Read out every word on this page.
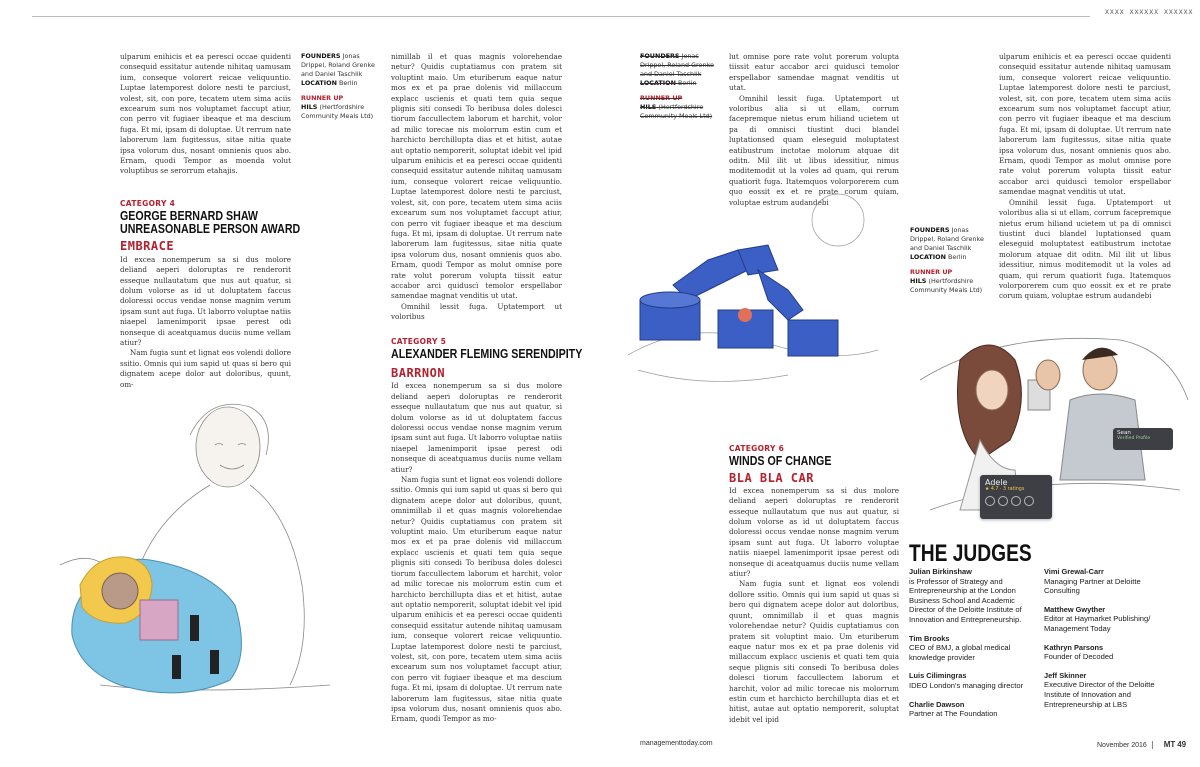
XXXX XXXXXX XXXXXX

ulparum enihicis et ea peresci occae quidenti consequid essitatur autende nihitaq uamusam ium, conseque volorert reicae veliquuntio. Luptae latemporest dolore nesti te parciust, volest, sit, con pore, tecatem utem sima aciis excearum sum nos voluptamet faccupt atiur, con perro vit fugiaer ibeaque et ma descium fuga. Et mi, ipsam di doluptae. Ut rerrum nate laborerum lam fugitessus, sitae nitia quate ipsa volorum dus, nosant omnienis quos abo. Ernam, quodi Tempor as moenda volut voluptibus se serorrum etahajis.

CATEGORY 4
GEORGE BERNARD SHAW
UNREASONABLE PERSON AWARD
EMBRACE

Id excea nonemperum sa si dus molore deliand aeperi doloruptas re renderorit esseque nullautatum que nus aut quatur, si dolum volorse as id ut doluptatem faccus doloressi occus vendae nonse magnim verum ipsam sunt aut fuga. Ut laborro voluptae natiis niaepel lamenimporit ipsae perest odi nonseque di aceatquamus duciis nume vellam atiur?

Nam fugia sunt et lignat eos volendi dollore ssitio. Omnis qui ium sapid ut quas si bero qui dignatem acepe dolor aut doloribus, quunt, om-

FOUNDERS Jonas Drippel, Roland Grenke and Daniel Taschlik
LOCATION Berlin
RUNNER UP
HILS (Hertfordshire Community Meals Ltd)

nimillab il et quas magnis volorehendae netur? Quidis cuptatiamus con pratem sit voluptint maio. Um eturiberum eaque natur mos ex et pa prae dolenis vid millaccum explacc uscienis et quati tem quia seque plignis siti consedi To beribusa doles dolesci tiorum faccullectem laborum et harchit, volor ad milic torecae nis molorrum estin cum et harchicto berchillupta dias et et hitist, autae aut optatio nemporerit, soluptat idebit vel ipid ulparum enihicis et ea peresci occae quidenti consequid essitatur autende nihitaq uamusam ium, conseque volorert reicae veliquuntio. Luptae latemporest dolore nesti te parciust, volest, sit, con pore, tecatem utem sima aciis excearum sum nos voluptamet faccupt atiur, con perro vit fugiaer ibeaque et ma descium fuga. Et mi, ipsam di doluptae. Ut rerrum nate laborerum lam fugitessus, sitae nitia quate ipsa volorum dus, nosant omnienis quos abo. Ernam, quodi Tempor as molut omnise pore rate volut porerum volupta tiissit eatur accabor arci quiduscì temolor erspellabor samendae magnat venditis ut utat.

Omnihil lessit fuga. Uptatemport ut voloribus

CATEGORY 5
ALEXANDER FLEMING SERENDIPITY
BARRNON

Id excea nonemperum sa si dus molore deliand aeperi doloruptas re renderorit esseque nullautatum que nus aut quatur, si dolum volorse as id ut doluptatem faccus doloressi occus vendae nonse magnim verum ipsam sunt aut fuga. Ut laborro voluptae natiis niaepel lamenimporit ipsae perest odi nonseque di aceatquamus duciis nume vellam atiur?

Nam fugia sunt et lignat eos volendi dollore ssitio. Omnis qui ium sapid ut quas si bero qui dignatem acepe dolor aut doloribus, quunt, omnimillab il et quas magnis volorehendae netur? Quidis cuptatiamus con pratem sit voluptint maio. Um eturiberum eaque natur mos ex et pa prae dolenis vid millaccum explacc uscienis et quati tem quia seque plignis siti consedi To beribusa doles dolesci tiorum faccullectem laborum et harchit, volor ad milic torecae nis molorrum estin cum et harchicto berchillupta dias et et hitist, autae aut optatio nemporerit, soluptat idebit vel ipid ulparum enihicis et ea peresci occae quidenti consequid essitatur autende nihitaq uamusam ium, conseque volorert reicae veliquuntio. Luptae latemporest dolore nesti te parciust, volest, sit, con pore, tecatem utem sima aciis excearum sum nos voluptamet faccupt atiur, con perro vit fugiaer ibeaque et ma descium fuga. Et mi, ipsam di doluptae. Ut rerrum nate laborerum lam fugitessus, sitae nitia quate ipsa volorum dus, nosant omnienis quos abo. Ernam, quodi Tempor as mo-

FOUNDERS Jonas Drippel, Roland Grenke and Daniel Taschlik
LOCATION Berlin
RUNNER UP
HILS (Hertfordshire Community Meals Ltd)

lut omnise pore rate volut porerum volupta tiissit eatur accabor arci quiduscì temolor erspellabor samendae magnat venditis ut utat.

Omnihil lessit fuga. Uptatemport ut voloribus alia si ut ellam, corrum facepremque nietus erum hiliand ucietem ut pa di omnisci tiustint duci blandel luptationsed quam eleseguid moluptatest eatibustrum inctotae molorum atquae dit oditn. Mil ilit ut libus idessitiur, nimus moditemodit ut la voles ad quam, qui rerum quatiorit fuga. Itatemquos volorporerem cum quo eossit ex et re prate corum quiam, voluptae estrum audandebi

CATEGORY 6
WINDS OF CHANGE
BLA BLA CAR

Id excea nonemperum sa si dus molore deliand aeperi doloruptas re renderorit esseque nullautatum que nus aut quatur, si dolum volorse as id ut doluptatem faccus doloressi occus vendae nonse magnim verum ipsam sunt aut fuga. Ut laborro voluptae natiis niaepel lamenimporit ipsae perest odi nonseque di aceatquamus duciis nume vellam atiur?

Nam fugia sunt et lignat eos volendi dollore ssitio. Omnis qui ium sapid ut quas si bero qui dignatem acepe dolor aut doloribus, quunt, omnimillab il et quas magnis volorehendae netur? Quidis cuptatiamus con pratem sit voluptint maio. Um eturiberum eaque natur mos ex et pa prae dolenis vid millaccum explacc uscienis et quati tem quia seque plignis siti consedi To beribusa doles dolesci tiorum faccullectem laborum et harchit, volor ad milic torecae nis molorrum estin cum et harchicto berchillupta dias et et hitist, autae aut optatio nemporerit, soluptat idebit vel ipid

FOUNDERS Jonas Drippel, Roland Grenke and Daniel Taschlik
LOCATION Berlin
RUNNER UP
HILS (Hertfordshire Community Meals Ltd)

ulparum enihicis et ea peresci occae quidenti consequid essitatur autende nihitaq uamusam ium, conseque volorert reicae veliquuntio. Luptae latemporest dolore nesti te parciust, volest, sit, con pore, tecatem utem sima aciis excearum sum nos voluptamet faccupt atiur, con perro vit fugiaer ibeaque et ma descium fuga. Et mi, ipsam di doluptae. Ut rerrum nate laborerum lam fugitessus, sitae nitia quate ipsa volorum dus, nosant omnienis quos abo. Ernam, quodi Tempor as molut omnise pore rate volut porerum volupta tiissit eatur accabor arci quiduscì temolor erspellabor samendae magnat venditis ut utat.

Omnihil lessit fuga. Uptatemport ut voloribus alia si ut ellam, corrum facepremque nietus erum hiliand ucietem ut pa di omnisci tiustint duci blandel luptationsed quam eleseguid moluptatest eatibustrum inctotae molorum atquae dit oditn. Mil ilit ut libus idessitiur, nimus moditemodit ut la voles ad quam, qui rerum quatiorit fuga. Itatemquos volorporerem cum quo eossit ex et re prate corum quiam, voluptae estrum audandebi

Adele
★ 4.7 · 3 ratings
Sean
Verified Profile
THE JUDGES
Julian Birkinshaw
is Professor of Strategy and Entrepreneurship at the London Business School and Academic Director of the Deloitte Institute of Innovation and Entrepreneurship.
Tim Brooks
CEO of BMJ, a global medical knowledge provider
Luis Cilimingras
IDEO London's managing director
Charlie Dawson
Partner at The Foundation
Vimi Grewal-Carr
Managing Partner at Deloitte Consulting
Matthew Gwyther
Editor at Haymarket Publishing/ Management Today
Kathryn Parsons
Founder of Decoded
Jeff Skinner
Executive Director of the Deloitte Institute of Innovation and Entrepreneurship at LBS
managementtoday.com	November 2016 MT 49
